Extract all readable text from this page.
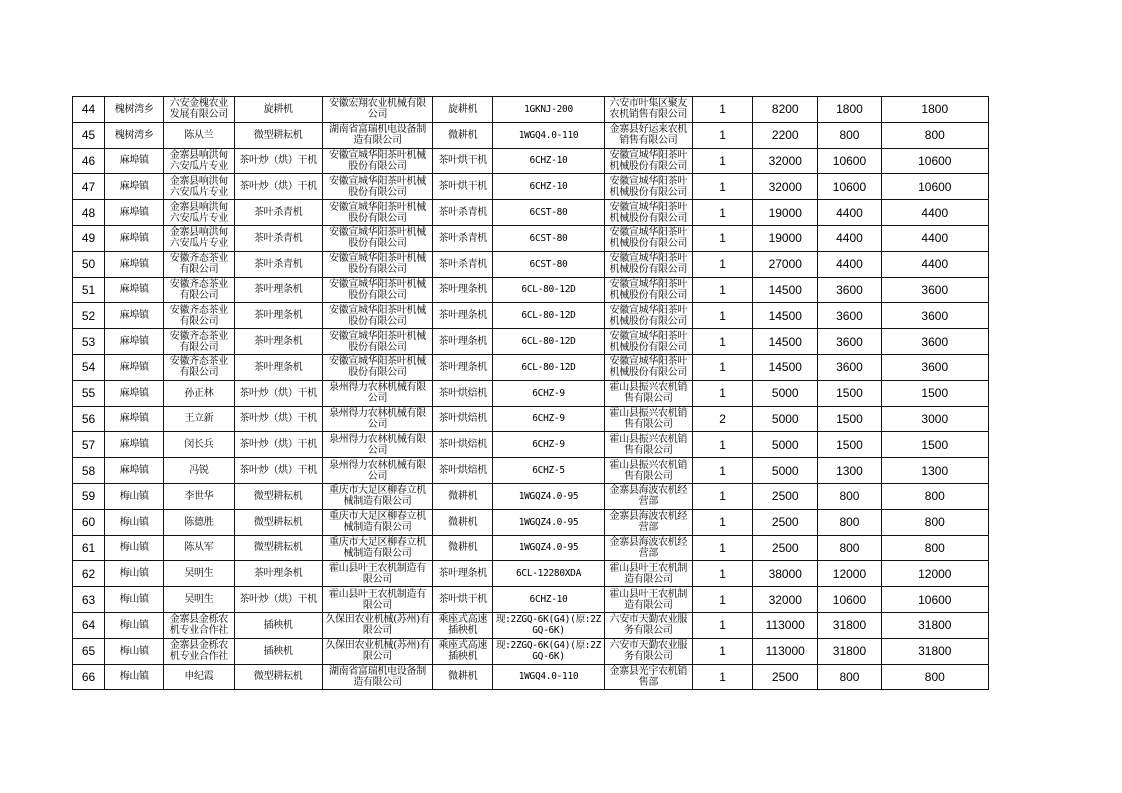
44	槐树湾乡	六安金槐农业发展有限公司	旋耕机	安徽宏翔农业机械有限公司	旋耕机	1GKNJ-200	六安市叶集区聚友农机销售有限公司	1	8200	1800	1800
45	槐树湾乡	陈从兰	微型耕耘机	湖南省富瑞机电设备制造有限公司	微耕机	1WGQ4.0-110	金寨县好运来农机销售有限公司	1	2200	800	800
46	麻埠镇	金寨县响洪甸六安瓜片专业	茶叶炒（烘）干机	安徽宣城华阳茶叶机械股份有限公司	茶叶烘干机	6CHZ-10	安徽宣城华阳茶叶机械股份有限公司	1	32000	10600	10600
47	麻埠镇	金寨县响洪甸六安瓜片专业	茶叶炒（烘）干机	安徽宣城华阳茶叶机械股份有限公司	茶叶烘干机	6CHZ-10	安徽宣城华阳茶叶机械股份有限公司	1	32000	10600	10600
48	麻埠镇	金寨县响洪甸六安瓜片专业	茶叶杀青机	安徽宣城华阳茶叶机械股份有限公司	茶叶杀青机	6CST-80	安徽宣城华阳茶叶机械股份有限公司	1	19000	4400	4400
49	麻埠镇	金寨县响洪甸六安瓜片专业	茶叶杀青机	安徽宣城华阳茶叶机械股份有限公司	茶叶杀青机	6CST-80	安徽宣城华阳茶叶机械股份有限公司	1	19000	4400	4400
50	麻埠镇	安徽齐态茶业有限公司	茶叶杀青机	安徽宣城华阳茶叶机械股份有限公司	茶叶杀青机	6CST-80	安徽宣城华阳茶叶机械股份有限公司	1	27000	4400	4400
51	麻埠镇	安徽齐态茶业有限公司	茶叶理条机	安徽宣城华阳茶叶机械股份有限公司	茶叶理条机	6CL-80-12D	安徽宣城华阳茶叶机械股份有限公司	1	14500	3600	3600
52	麻埠镇	安徽齐态茶业有限公司	茶叶理条机	安徽宣城华阳茶叶机械股份有限公司	茶叶理条机	6CL-80-12D	安徽宣城华阳茶叶机械股份有限公司	1	14500	3600	3600
53	麻埠镇	安徽齐态茶业有限公司	茶叶理条机	安徽宣城华阳茶叶机械股份有限公司	茶叶理条机	6CL-80-12D	安徽宣城华阳茶叶机械股份有限公司	1	14500	3600	3600
54	麻埠镇	安徽齐态茶业有限公司	茶叶理条机	安徽宣城华阳茶叶机械股份有限公司	茶叶理条机	6CL-80-12D	安徽宣城华阳茶叶机械股份有限公司	1	14500	3600	3600
55	麻埠镇	孙正林	茶叶炒（烘）干机	泉州得力农林机械有限公司	茶叶烘焙机	6CHZ-9	霍山县振兴农机销售有限公司	1	5000	1500	1500
56	麻埠镇	王立新	茶叶炒（烘）干机	泉州得力农林机械有限公司	茶叶烘焙机	6CHZ-9	霍山县振兴农机销售有限公司	2	5000	1500	3000
57	麻埠镇	闵长兵	茶叶炒（烘）干机	泉州得力农林机械有限公司	茶叶烘焙机	6CHZ-9	霍山县振兴农机销售有限公司	1	5000	1500	1500
58	麻埠镇	冯锐	茶叶炒（烘）干机	泉州得力农林机械有限公司	茶叶烘焙机	6CHZ-5	霍山县振兴农机销售有限公司	1	5000	1300	1300
59	梅山镇	李世华	微型耕耘机	重庆市大足区柳春立机械制造有限公司	微耕机	1WGQZ4.0-95	金寨县海波农机经营部	1	2500	800	800
60	梅山镇	陈德胜	微型耕耘机	重庆市大足区柳春立机械制造有限公司	微耕机	1WGQZ4.0-95	金寨县海波农机经营部	1	2500	800	800
61	梅山镇	陈从军	微型耕耘机	重庆市大足区柳春立机械制造有限公司	微耕机	1WGQZ4.0-95	金寨县海波农机经营部	1	2500	800	800
62	梅山镇	吴明生	茶叶理条机	霍山县叶王农机制造有限公司	茶叶理条机	6CL-12280XDA	霍山县叶王农机制造有限公司	1	38000	12000	12000
63	梅山镇	吴明生	茶叶炒（烘）干机	霍山县叶王农机制造有限公司	茶叶烘干机	6CHZ-10	霍山县叶王农机制造有限公司	1	32000	10600	10600
64	梅山镇	金寨县金栎农机专业合作社	插秧机	久保田农业机械(苏州)有限公司	乘座式高速插秧机	现:2ZGQ-6K(G4)(原:2ZGQ-6K)	六安市天勤农业服务有限公司	1	113000	31800	31800
65	梅山镇	金寨县金栎农机专业合作社	插秧机	久保田农业机械(苏州)有限公司	乘座式高速插秧机	现:2ZGQ-6K(G4)(原:2ZGQ-6K)	六安市天勤农业服务有限公司	1	113000	31800	31800
66	梅山镇	申纪霞	微型耕耘机	湖南省富瑞机电设备制造有限公司	微耕机	1WGQ4.0-110	金寨县光宇农机销售部	1	2500	800	800
